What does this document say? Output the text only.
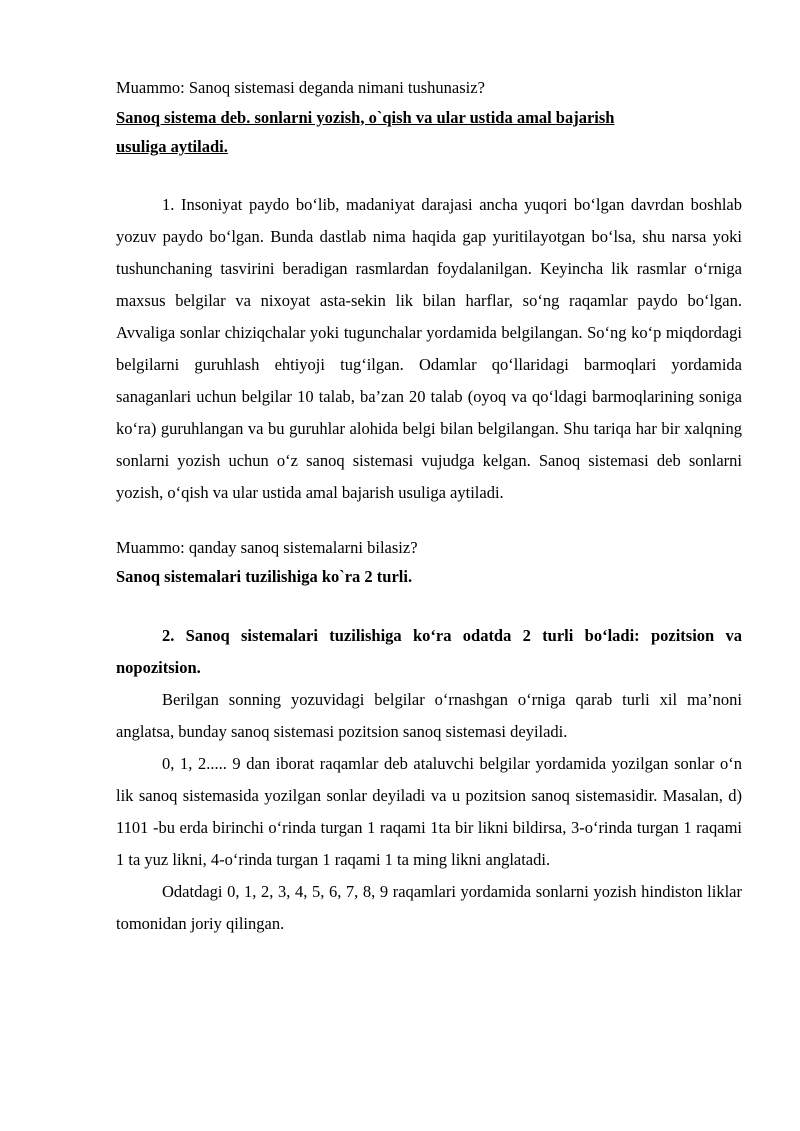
Muammo: Sanoq sistemasi deganda nimani tushunasiz?

Sanoq sistema deb. sonlarni yozish, o`qish va ular ustida amal bajarish

usuliga aytiladi.

1. Insoniyat paydo bo‘lib, madaniyat darajasi ancha yuqori bo‘lgan davrdan boshlab yozuv paydo bo‘lgan. Bunda dastlab nima haqida gap yuritilayotgan bo‘lsa, shu narsa yoki tushunchaning tasvirini beradigan rasmlardan foydalanilgan. Keyincha lik rasmlar o‘rniga maxsus belgilar va nixoyat asta-sekin lik bilan harflar, so‘ng raqamlar paydo bo‘lgan. Avvaliga sonlar chiziqchalar yoki tugunchalar yordamida belgilangan. So‘ng ko‘p miqdordagi belgilarni guruhlash ehtiyoji tug‘ilgan. Odamlar qo‘llaridagi barmoqlari yordamida sanaganlari uchun belgilar 10 talab, ba’zan 20 talab (oyoq va qo‘ldagi barmoqlarining soniga ko‘ra) guruhlangan va bu guruhlar alohida belgi bilan belgilangan. Shu tariqa har bir xalqning sonlarni yozish uchun o‘z sanoq sistemasi vujudga kelgan. Sanoq sistemasi deb sonlarni yozish, o‘qish va ular ustida amal bajarish usuliga aytiladi.

Muammo: qanday sanoq sistemalarni bilasiz?

Sanoq sistemalari tuzilishiga ko`ra 2 turli.

2. Sanoq sistemalari tuzilishiga ko‘ra odatda 2 turli bo‘ladi: pozitsion va nopozitsion.

Berilgan sonning yozuvidagi belgilar o‘rnashgan o‘rniga qarab turli xil ma’noni anglatsa, bunday sanoq sistemasi pozitsion sanoq sistemasi deyiladi.

0, 1, 2..... 9 dan iborat raqamlar deb ataluvchi belgilar yordamida yozilgan sonlar o‘n lik sanoq sistemasida yozilgan sonlar deyiladi va u pozitsion sanoq sistemasidir. Masalan, d) 1101 -bu erda birinchi o‘rinda turgan 1 raqami 1ta bir likni bildirsa, 3-o‘rinda turgan 1 raqami 1 ta yuz likni, 4-o‘rinda turgan 1 raqami 1 ta ming likni anglatadi.

Odatdagi 0, 1, 2, 3, 4, 5, 6, 7, 8, 9 raqamlari yordamida sonlarni yozish hindiston liklar tomonidan joriy qilingan.
